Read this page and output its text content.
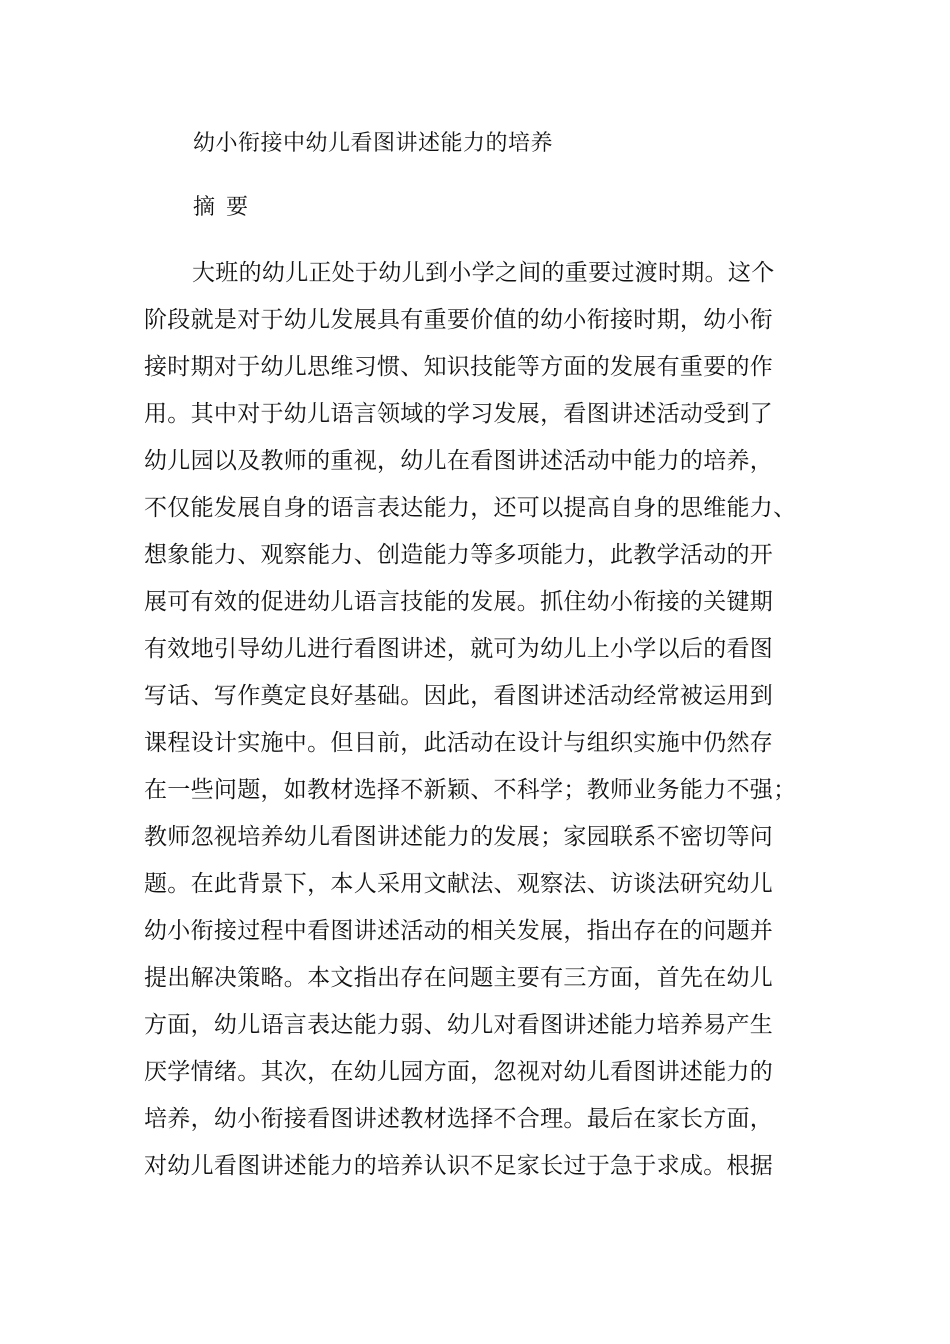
幼小衔接中幼儿看图讲述能力的培养
摘 要
大班的幼儿正处于幼儿到小学之间的重要过渡时期。这个
阶段就是对于幼儿发展具有重要价值的幼小衔接时期，幼小衔
接时期对于幼儿思维习惯、知识技能等方面的发展有重要的作
用。其中对于幼儿语言领域的学习发展，看图讲述活动受到了
幼儿园以及教师的重视，幼儿在看图讲述活动中能力的培养，
不仅能发展自身的语言表达能力，还可以提高自身的思维能力、
想象能力、观察能力、创造能力等多项能力，此教学活动的开
展可有效的促进幼儿语言技能的发展。抓住幼小衔接的关键期
有效地引导幼儿进行看图讲述，就可为幼儿上小学以后的看图
写话、写作奠定良好基础。因此，看图讲述活动经常被运用到
课程设计实施中。但目前，此活动在设计与组织实施中仍然存
在一些问题，如教材选择不新颖、不科学；教师业务能力不强；
教师忽视培养幼儿看图讲述能力的发展；家园联系不密切等问
题。在此背景下，本人采用文献法、观察法、访谈法研究幼儿
幼小衔接过程中看图讲述活动的相关发展，指出存在的问题并
提出解决策略。本文指出存在问题主要有三方面，首先在幼儿
方面，幼儿语言表达能力弱、幼儿对看图讲述能力培养易产生
厌学情绪。其次，在幼儿园方面，忽视对幼儿看图讲述能力的
培养，幼小衔接看图讲述教材选择不合理。最后在家长方面，
对幼儿看图讲述能力的培养认识不足家长过于急于求成。根据
